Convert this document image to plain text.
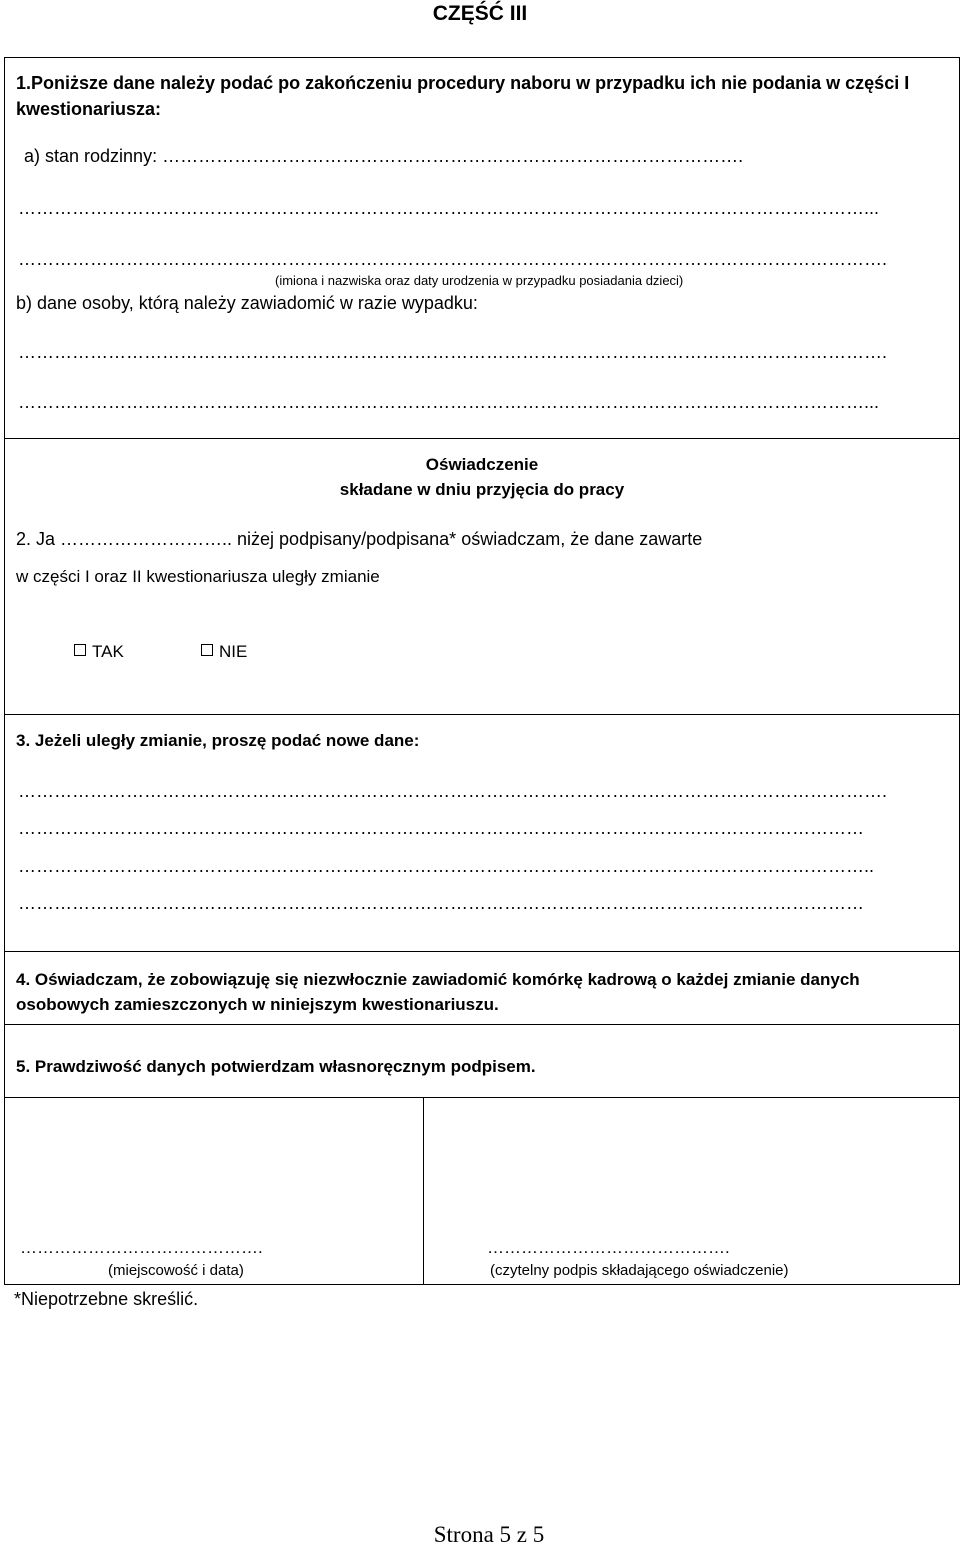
CZĘŚĆ III
1.Poniższe dane należy podać po zakończeniu procedury naboru w przypadku ich nie podania w części I kwestionariusza:
a) stan rodzinny: …………………………………………………………………………………….
……………………………………………………………………………………………………………………………...
……………………………………………………………………………………………………………………………….
(imiona i nazwiska oraz daty urodzenia w przypadku posiadania dzieci)
b) dane osoby, którą należy zawiadomić w razie wypadku:
……………………………………………………………………………………………………………………………….
……………………………………………………………………………………………………………………………...
Oświadczenie
składane w dniu przyjęcia do pracy
2. Ja ……………………….. niżej podpisany/podpisana* oświadczam, że dane zawarte
w części I oraz II kwestionariusza uległy zmianie
TAK	NIE
3. Jeżeli uległy zmianie, proszę podać nowe dane:
……………………………………………………………………………………………………………………………….
……………………………………………………………………………………………………………………………
……………………………………………………………………………………………………………………………..
……………………………………………………………………………………………………………………………
4. Oświadczam, że zobowiązuję się niezwłocznie zawiadomić komórkę kadrową o każdej zmianie danych osobowych zamieszczonych w niniejszym kwestionariuszu.
5. Prawdziwość danych potwierdzam własnoręcznym podpisem.
…………………………………….
(miejscowość i data)
…………………………………….
(czytelny podpis składającego oświadczenie)
*Niepotrzebne skreślić.
Strona 5 z 5
